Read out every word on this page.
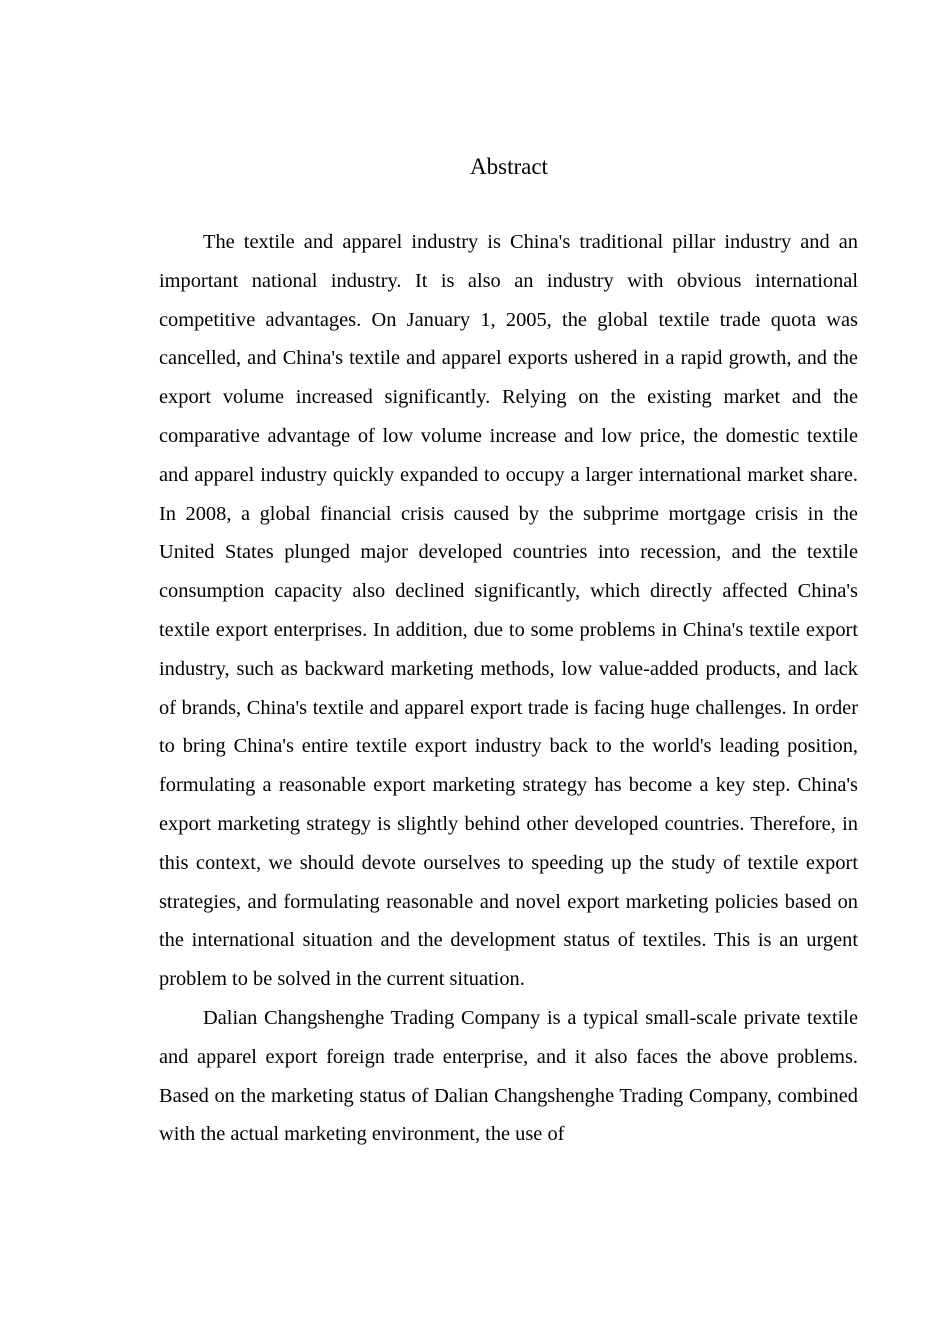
Abstract

The textile and apparel industry is China's traditional pillar industry and an important national industry. It is also an industry with obvious international competitive advantages. On January 1, 2005, the global textile trade quota was cancelled, and China's textile and apparel exports ushered in a rapid growth, and the export volume increased significantly. Relying on the existing market and the comparative advantage of low volume increase and low price, the domestic textile and apparel industry quickly expanded to occupy a larger international market share. In 2008, a global financial crisis caused by the subprime mortgage crisis in the United States plunged major developed countries into recession, and the textile consumption capacity also declined significantly, which directly affected China's textile export enterprises. In addition, due to some problems in China's textile export industry, such as backward marketing methods, low value-added products, and lack of brands, China's textile and apparel export trade is facing huge challenges. In order to bring China's entire textile export industry back to the world's leading position, formulating a reasonable export marketing strategy has become a key step. China's export marketing strategy is slightly behind other developed countries. Therefore, in this context, we should devote ourselves to speeding up the study of textile export strategies, and formulating reasonable and novel export marketing policies based on the international situation and the development status of textiles. This is an urgent problem to be solved in the current situation.

Dalian Changshenghe Trading Company is a typical small-scale private textile and apparel export foreign trade enterprise, and it also faces the above problems. Based on the marketing status of Dalian Changshenghe Trading Company, combined with the actual marketing environment, the use of
